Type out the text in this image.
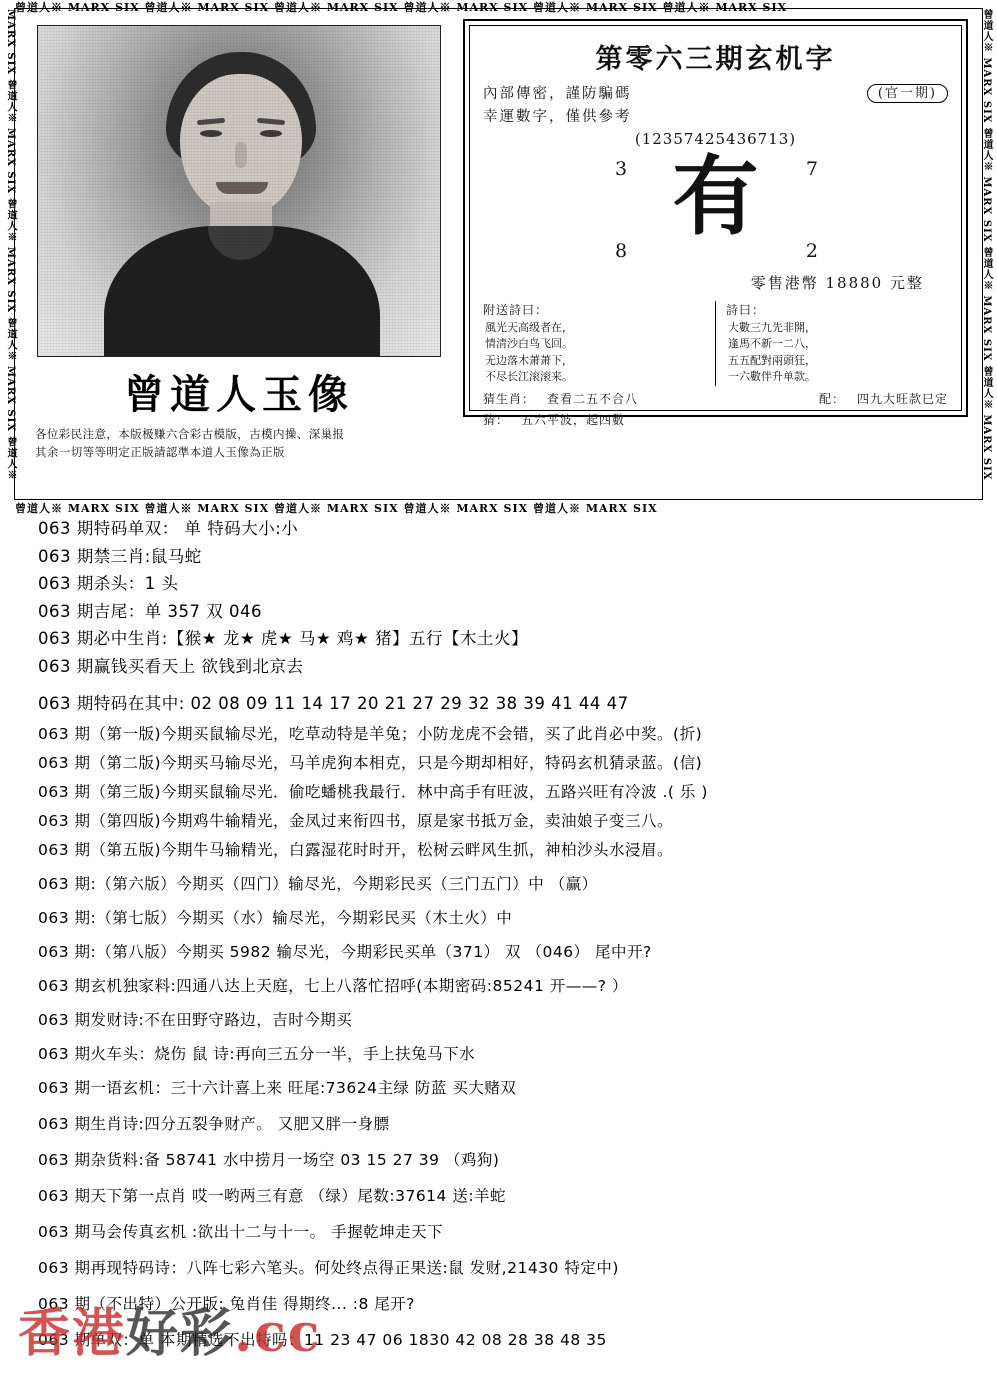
曾道人※ MARX SIX 曾道人※ MARX SIX 曾道人※ MARX SIX 曾道人※ MARX SIX 曾道人※ MARX SIX 曾道人※ MARX SIX
曾道人※ MARX SIX 曾道人※ MARX SIX 曾道人※ MARX SIX 曾道人※ MARX SIX 曾道人※ MARX SIX
MARX SIX 曾道人※ MARX SIX 曾道人※ MARX SIX 曾道人※ MARX SIX 曾道人※	曾道人※ MARX SIX 曾道人※ MARX SIX 曾道人※ MARX SIX 曾道人※ MARX SIX
曾道人玉像
各位彩民注意，本版极赚六合彩古模版，古模内操、深巢报
其余一切等等明定正版請認準本道人玉像為正版
第零六三期玄机字
內部傳密，謹防騙碼
幸運數字，僅供參考
(官一期)
(12357425436713)
3	7
有
8	2
零售港幣 18880 元整
附送詩曰：
風光天高级者在，
情清沙白鸟飞回。
无边落木萧萧下，
不尽长江滚滚来。
詩曰：
大數三九先非開，
逢馬不新一二八，
五五配對兩頭狂，
一六數伴升单款。
猜生肖： 查看二五不合八	配： 四九大旺款巳定
猜： 五六平波，起四數
063 期特码单双： 单 特码大小:小
063 期禁三肖:鼠马蛇
063 期杀头：1 头
063 期吉尾：单 357 双 046
063 期必中生肖:【猴★ 龙★ 虎★ 马★ 鸡★ 猪】五行【木土火】
063 期赢钱买看天上 欲钱到北京去
063 期特码在其中: 02 08 09 11 14 17 20 21 27 29 32 38 39 41 44 47
063 期（第一版)今期买鼠输尽光，吃草动特是羊兔；小防龙虎不会错，买了此肖必中奖。(折)
063 期（第二版)今期买马输尽光，马羊虎狗本相克，只是今期却相好，特码玄机猜录蓝。(信)
063 期（第三版)今期买鼠输尽光．偷吃蟠桃我最行．林中高手有旺波，五路兴旺有冷波 .( 乐 )
063 期（第四版)今期鸡牛输精光，金凤过来衔四书，原是家书抵万金，卖油娘子变三八。
063 期（第五版)今期牛马输精光，白露湿花时时开，松树云畔风生抓，神柏沙头水浸眉。
063 期:（第六版）今期买（四门）输尽光，今期彩民买（三门五门）中 （赢）
063 期:（第七版）今期买（水）输尽光，今期彩民买（木土火）中
063 期:（第八版）今期买 5982 输尽光，今期彩民买单（371） 双 （046） 尾中开?
063 期玄机独家料:四通八达上天庭，七上八落忙招呼(本期密码:85241 开——? ）
063 期发财诗:不在田野守路边，吉时今期买
063 期火车头：烧伤 鼠 诗:再向三五分一半，手上扶兔马下水
063 期一语玄机：三十六计喜上来 旺尾:73624主绿 防蓝 买大赌双
063 期生肖诗:四分五裂争财产。 又肥又胖一身膘
063 期杂货料:备 58741 水中捞月一场空 03 15 27 39 （鸡狗)
063 期天下第一点肖 哎一哟两三有意 （绿）尾数:37614 送:羊蛇
063 期马会传真玄机 :欲出十二与十一。 手握乾坤走天下
063 期再现特码诗：八阵七彩六笔头。何处终点得正果送:鼠 发财,21430 特定中)
063 期（不出特）公开版: 兔肖佳 得期终... :8 尾开?
063 期单双：单 本期精选不出特吗：11 23 47 06 1830 42 08 28 38 48 35
香港好彩.cc
